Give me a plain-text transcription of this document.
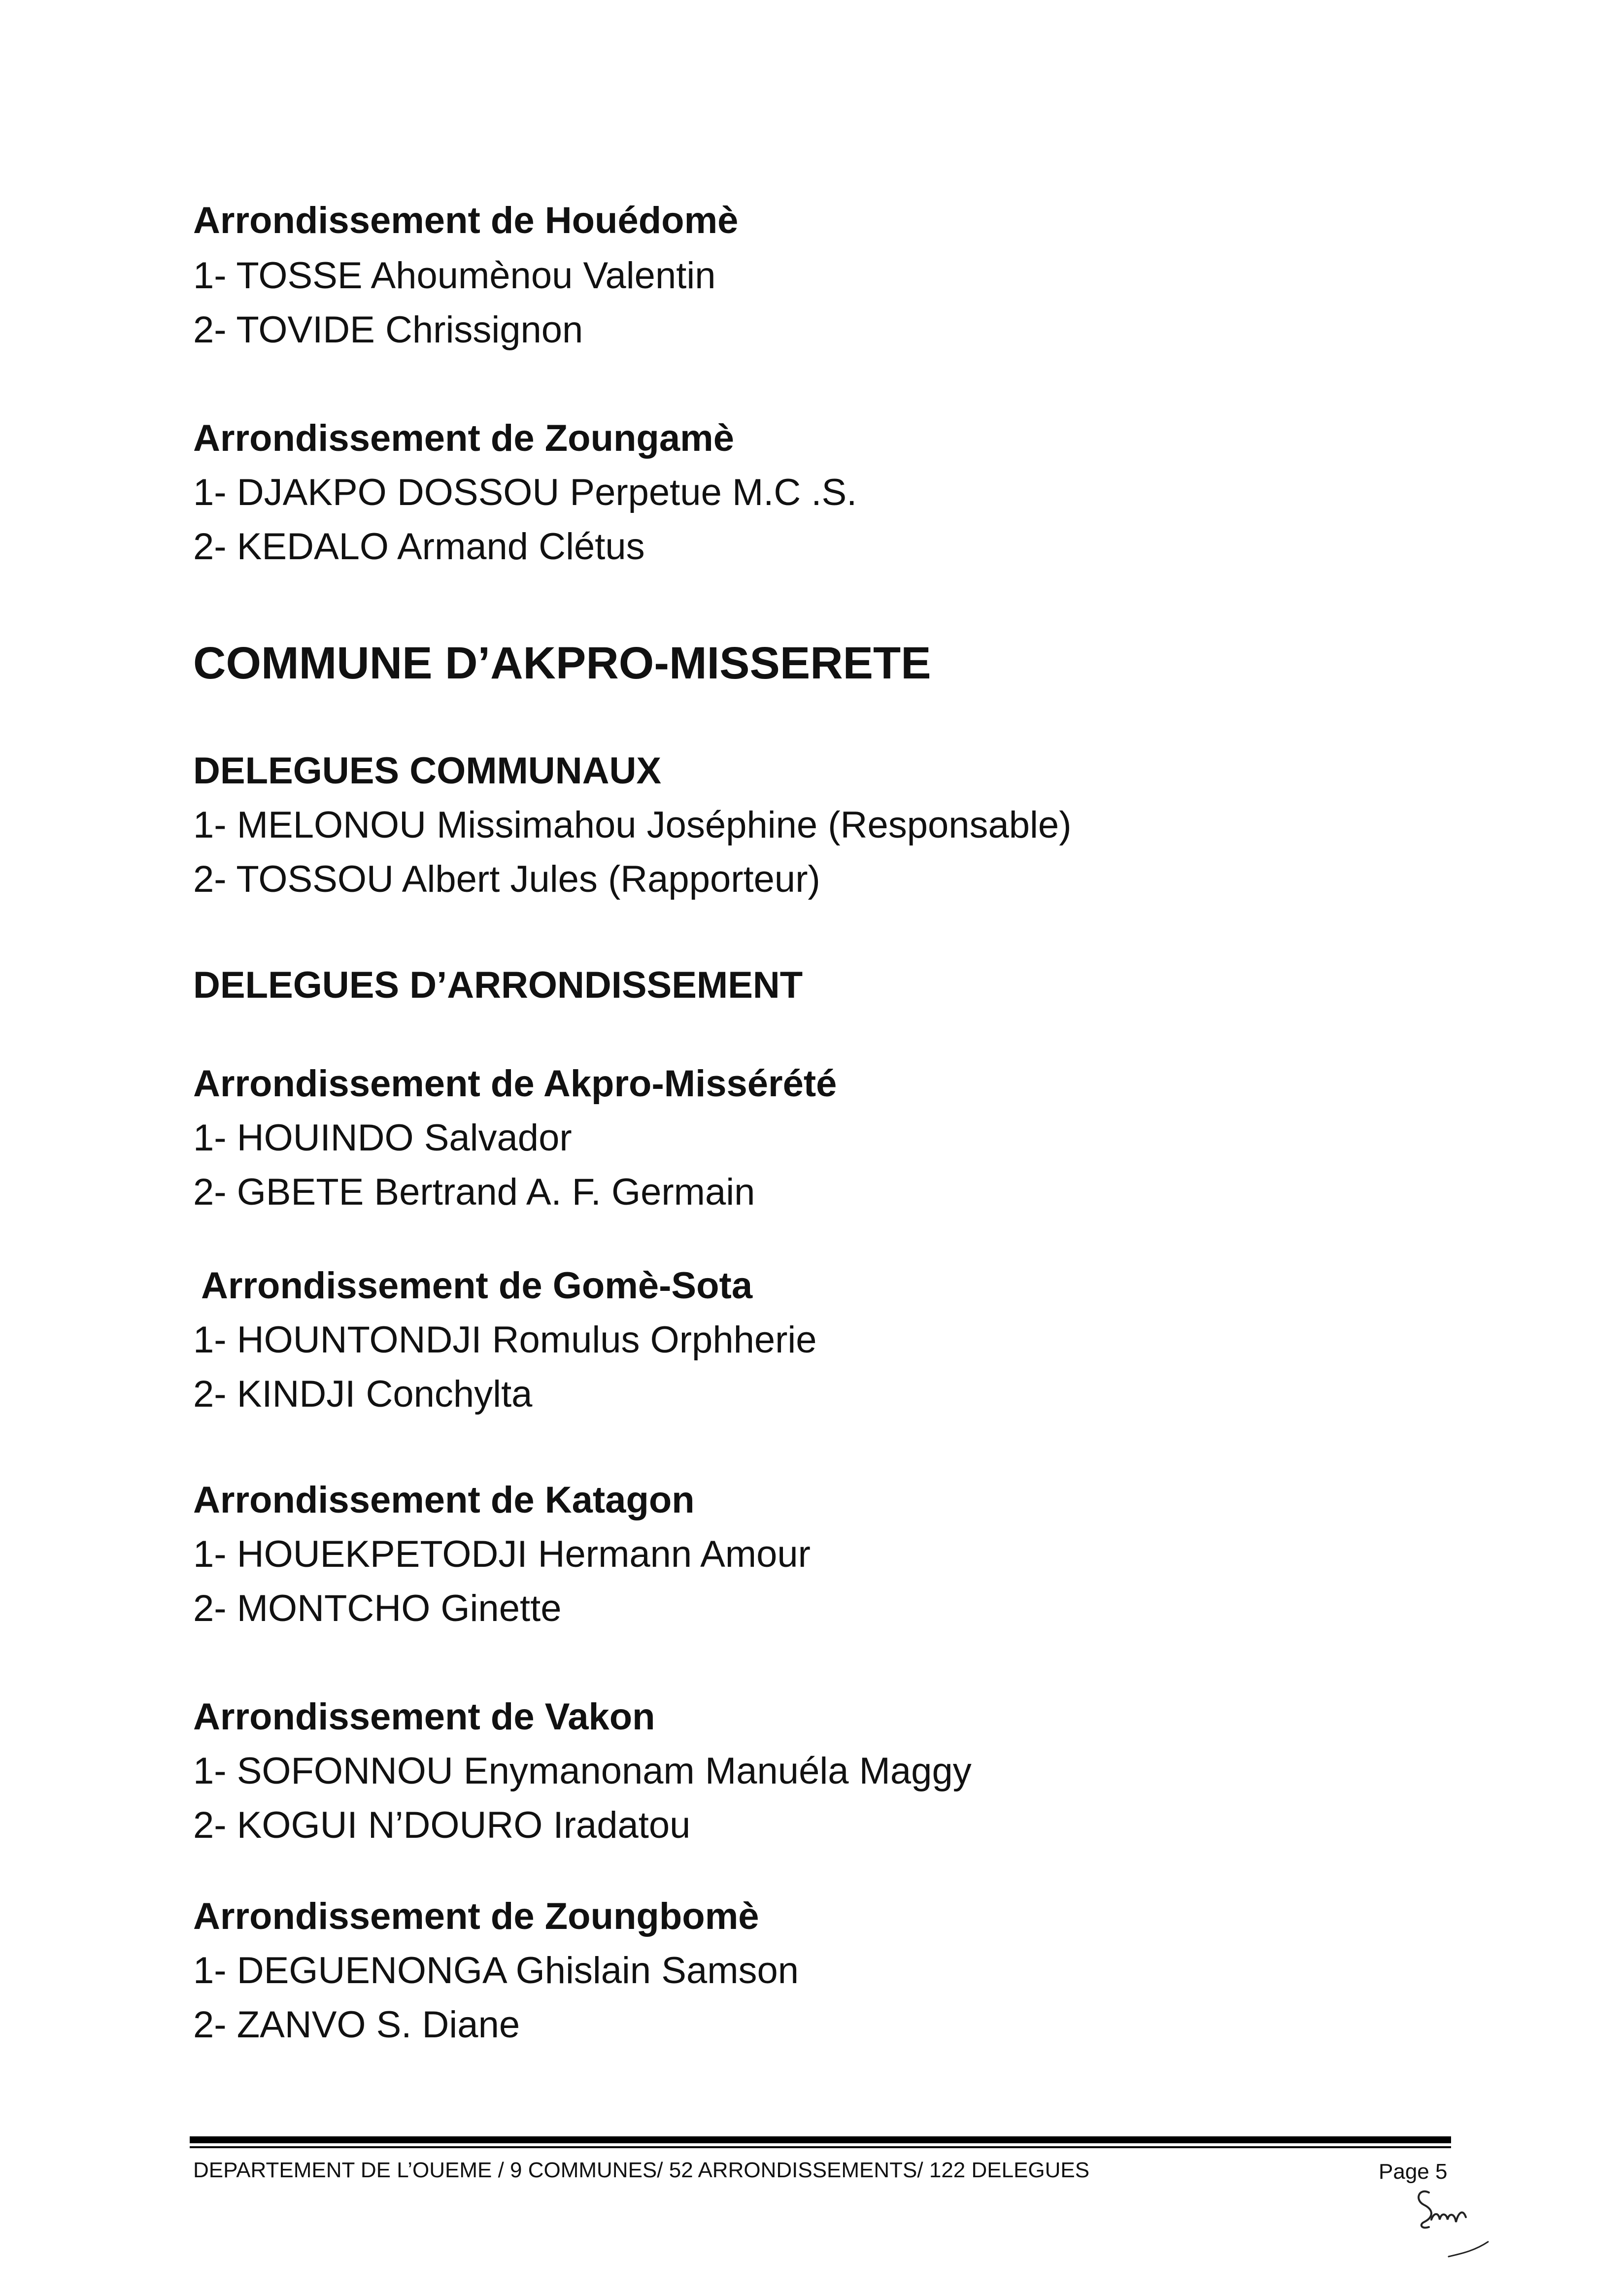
Arrondissement de Houédomè
1- TOSSE Ahoumènou Valentin
2- TOVIDE Chrissignon
Arrondissement de Zoungamè
1- DJAKPO DOSSOU Perpetue M.C .S.
2- KEDALO Armand Clétus
COMMUNE D’AKPRO-MISSERETE
DELEGUES COMMUNAUX
1- MELONOU Missimahou Joséphine (Responsable)
2- TOSSOU Albert Jules (Rapporteur)
DELEGUES D’ARRONDISSEMENT
Arrondissement de Akpro-Missérété
1- HOUINDO Salvador
2- GBETE Bertrand A. F. Germain
Arrondissement de Gomè-Sota
1- HOUNTONDJI Romulus Orphherie
2- KINDJI Conchylta
Arrondissement de Katagon
1- HOUEKPETODJI Hermann Amour
2- MONTCHO Ginette
Arrondissement de Vakon
1- SOFONNOU Enymanonam Manuéla Maggy
2- KOGUI N’DOURO Iradatou
Arrondissement de Zoungbomè
1- DEGUENONGA Ghislain Samson
2- ZANVO S. Diane
DEPARTEMENT DE L’OUEME / 9 COMMUNES/ 52 ARRONDISSEMENTS/ 122 DELEGUES	Page 5
